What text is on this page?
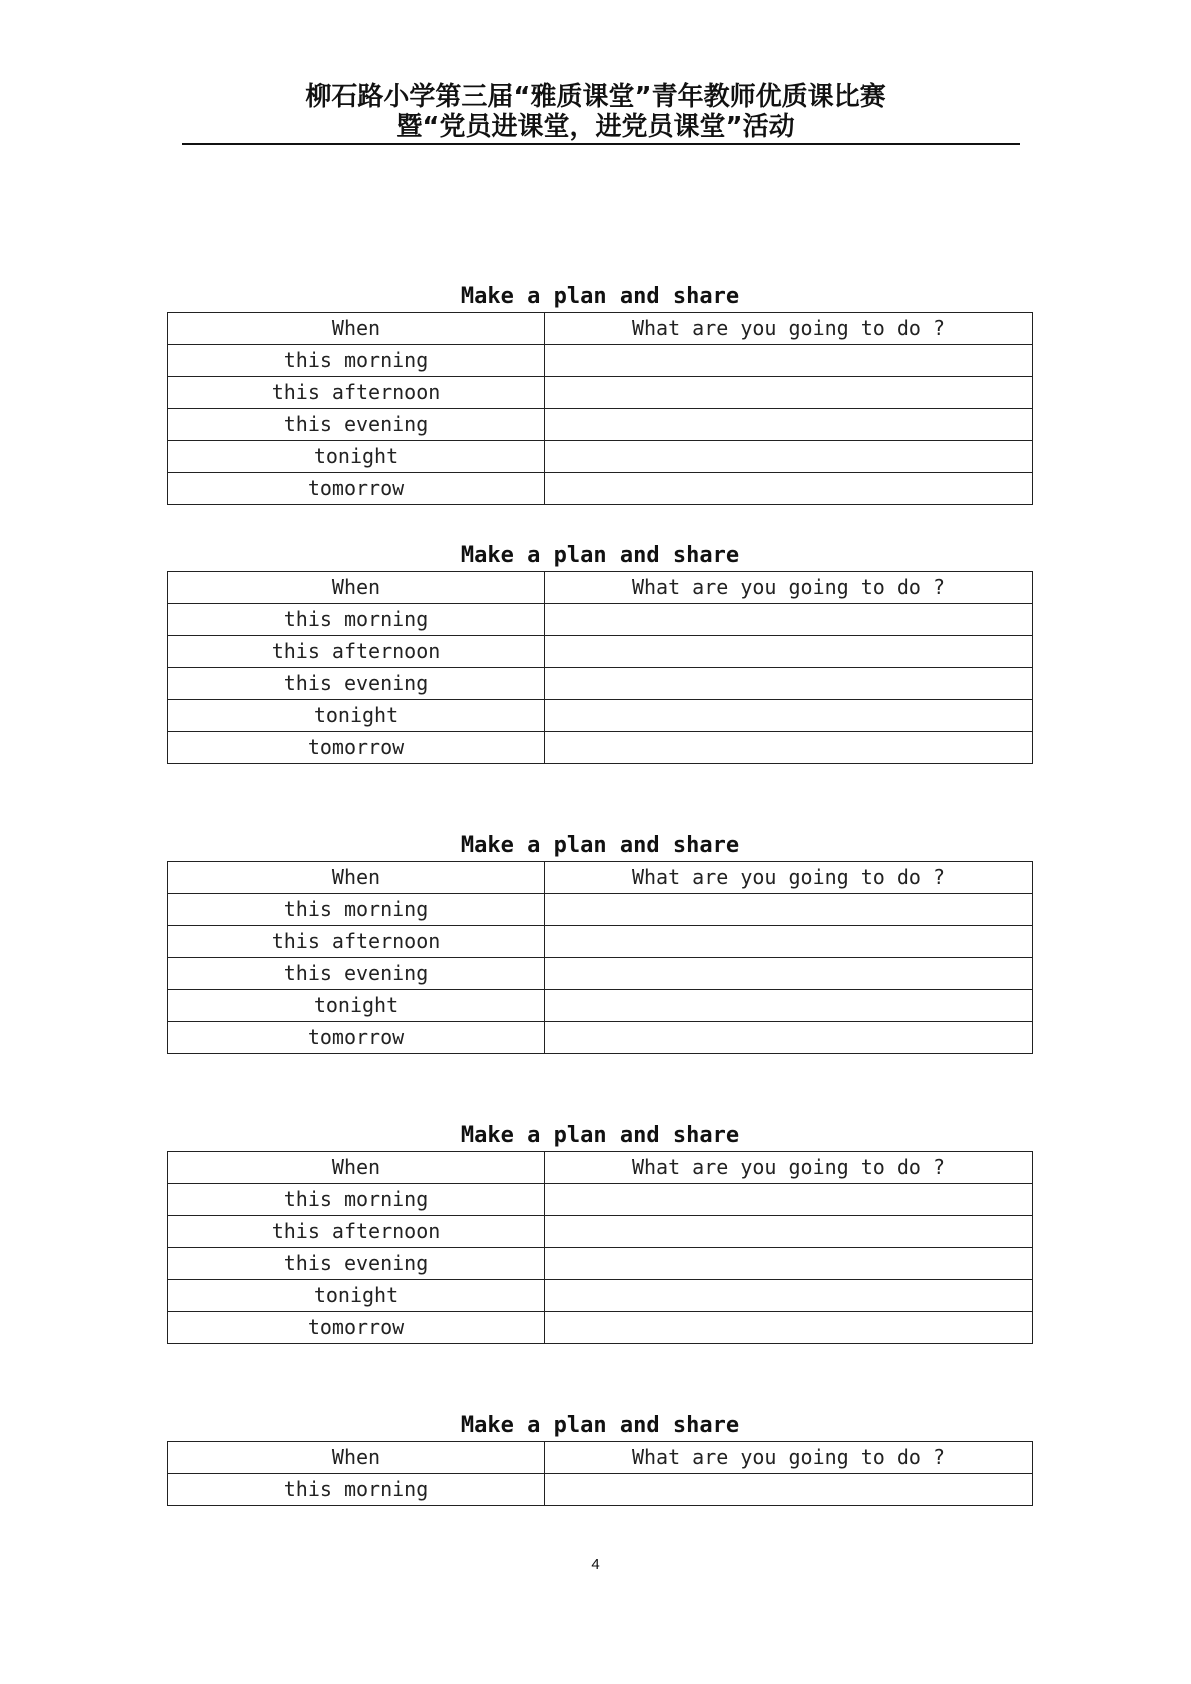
柳石路小学第三届“雅质课堂”青年教师优质课比赛
暨“党员进课堂，进党员课堂”活动
Make a plan and share
When	What are you going to do ?
this morning	
this afternoon	
this evening	
tonight	
tomorrow	
Make a plan and share
When	What are you going to do ?
this morning	
this afternoon	
this evening	
tonight	
tomorrow	
Make a plan and share
When	What are you going to do ?
this morning	
this afternoon	
this evening	
tonight	
tomorrow	
Make a plan and share
When	What are you going to do ?
this morning	
this afternoon	
this evening	
tonight	
tomorrow	
Make a plan and share
When	What are you going to do ?
this morning	
4
